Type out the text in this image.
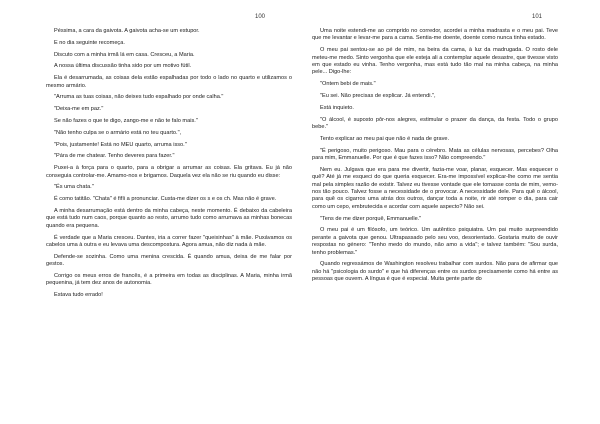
100	101

Péssima, a cara da gaivota. A gaivota acha-se um estupor.

E no dia seguinte recomeça.

Discuto com a minha irmã lá em casa. Cresceu, a Maria.

A nossa última discussão tinha sido por um motivo fútil.

Ela é desarrumada, as coisas dela estão espalhadas por todo o lado no quarto e utilizamos o mesmo armário.

"Arruma as tuas coisas, não deixes tudo espalhado por onde calha."

"Deixa-me em paz."

Se não fazes o que te digo, zango-me e não te falo mais."

"Não tenho culpa se o armário está no teu quarto.",

"Pois, justamente! Está no MEU quarto, arruma isso."

"Pára de me chatear. Tenho deveres para fazer."

Puxei-a à força para o quarto, para a obrigar a arrumar as coisas. Ela gritava. Eu já não conseguia controlar-me. Amamo-nos e brigamos. Daquela vez ela não se riu quando eu disse:

"És uma chata."

É como tatitão. "Chata" é fifíi a pronunciar. Custa-me dizer os s e os ch. Mas não é grave.

A minha desarrumação está dentro da minha cabeça, neste momento. É debaixo da cabeleira que está tudo num caos, porque quanto ao resto, arrumo tudo como arrumava as minhas bonecas quando era pequena.

É verdade que a Maria cresceu. Dantes, iria a correr fazer "queixinhas" à mãe. Puxávamos os cabelos uma à outra e eu levava uma descompostura. Agora amua, não diz nada à mãe.

Defende-se sozinha. Como uma menina crescida. É quando amua, deixa de me falar por gestos.

Corrigo os meus erros de francês, é a primeira em todas as disciplinas. A Maria, minha irmã pequenina, já tem dez anos de autonomia.

Estava tudo errado!

Uma noite estendi-me ao comprido no corredor, acordei a minha madrasta e o meu pai. Teve que me levantar e levar-me para a cama. Sentia-me doente, doente como nunca tinha estado.

O meu pai sentou-se ao pé de mim, na beira da cama, à luz da madrugada. O rosto dele meteu-me medo. Sinto vergonha que ele esteja ali a contemplar aquele desastre, que tivesse visto em que estado eu vinha. Tenho vergonha, mas está tudo tão mal na minha cabeça, na minha pele... Digo-lhe:

"Ontem bebi de mais."

"Eu sei. Não precisas de explicar. Já entendi.",

Está inquieto.

"O álcool, é suposto pôr-nos alegres, estimular o prazer da dança, da festa. Todo o grupo bebe."

Tento explicar ao meu pai que não é nada de grave.

"É perigoso, muito perigoso. Mau para o cérebro. Mata as células nervosas, percebes? Olha para mim, Emmanuelle. Por que é que fazes isso? Não compreendo."

Nem eu. Julgava que era para me divertir, fazia-me voar, planar, esquecer. Mas esquecer o quê? Até já me esqueci do que queria esquecer. Era-me impossível explicar-lhe como me sentia mal pela simples razão de existir. Talvez eu tivesse vontade que ele tomasse conta de mim, vemo-nos tão pouco. Talvez fosse a necessidade de o provocar. A necessidade dele. Para quê o álcool, para quê os cigarros uma atrás dos outros, dançar toda a noite, rir até romper o dia, para cair como um cepo, embrutecida e acordar com aquele aspecto? Não sei.

"Tens de me dizer porquê, Emmanuelle."

O meu pai é um filósofo, um teórico. Um autêntico psiquiatra. Um pai muito surpreendido perante a gaivota que genou. Ultrapassado pelo seu voo, desorientado. Gostaria muito de ouvir respostas no género: "Tenho medo do mundo, não amo a vida"; e talvez também: "Sou surda, tenho problemas."

Quando regressámos de Washington resolveu trabalhar com surdos. Não para de afirmar que não há "psicologia do surdo" e que há diferenças entre os surdos precisamente como há entre as pessoas que ouvem. A língua é que é especial. Muita gente parte do
